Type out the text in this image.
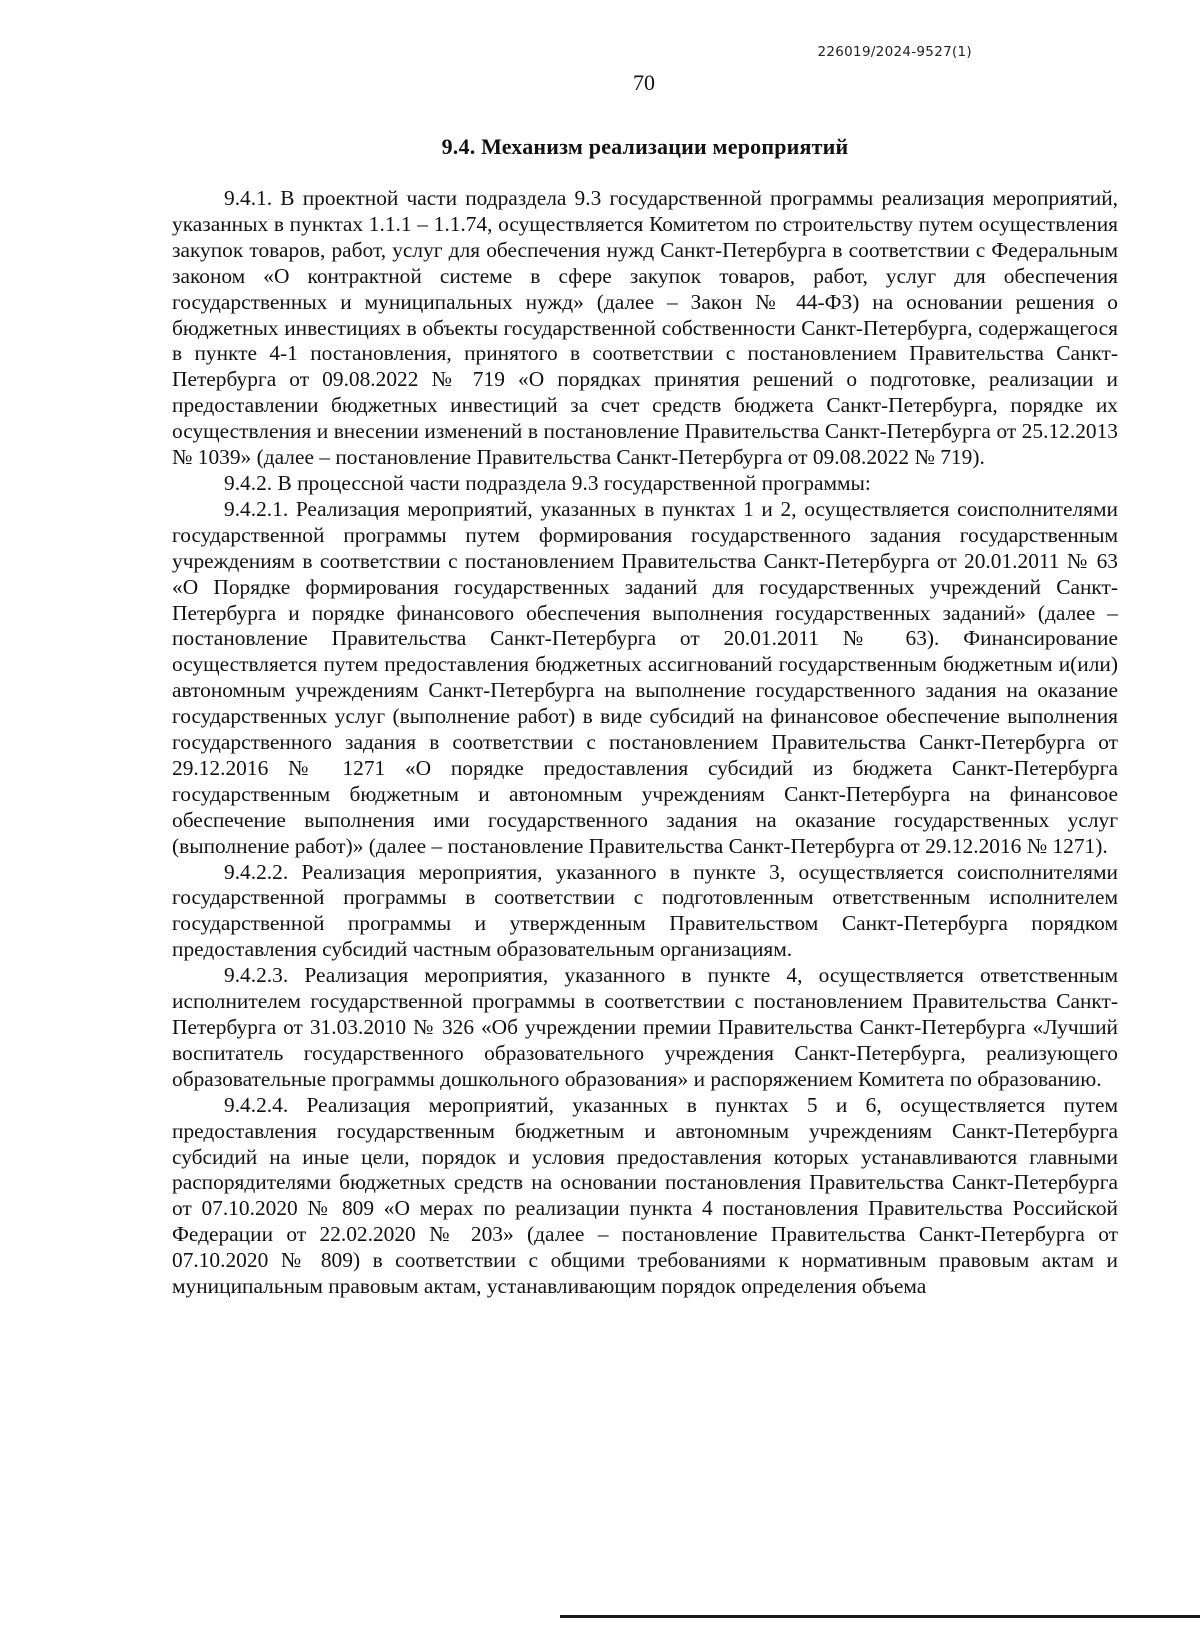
226019/2024-9527(1)
70
9.4. Механизм реализации мероприятий

9.4.1. В проектной части подраздела 9.3 государственной программы реализация мероприятий, указанных в пунктах 1.1.1 – 1.1.74, осуществляется Комитетом по строительству путем осуществления закупок товаров, работ, услуг для обеспечения нужд Санкт-Петербурга в соответствии с Федеральным законом «О контрактной системе в сфере закупок товаров, работ, услуг для обеспечения государственных и муниципальных нужд» (далее – Закон № 44-ФЗ) на основании решения о бюджетных инвестициях в объекты государственной собственности Санкт-Петербурга, содержащегося в пункте 4-1 постановления, принятого в соответствии с постановлением Правительства Санкт-Петербурга от 09.08.2022 № 719 «О порядках принятия решений о подготовке, реализации и предоставлении бюджетных инвестиций за счет средств бюджета Санкт-Петербурга, порядке их осуществления и внесении изменений в постановление Правительства Санкт-Петербурга от 25.12.2013 № 1039» (далее – постановление Правительства Санкт-Петербурга от 09.08.2022 № 719).

9.4.2. В процессной части подраздела 9.3 государственной программы:

9.4.2.1. Реализация мероприятий, указанных в пунктах 1 и 2, осуществляется соисполнителями государственной программы путем формирования государственного задания государственным учреждениям в соответствии с постановлением Правительства Санкт-Петербурга от 20.01.2011 № 63 «О Порядке формирования государственных заданий для государственных учреждений Санкт-Петербурга и порядке финансового обеспечения выполнения государственных заданий» (далее – постановление Правительства Санкт-Петербурга от 20.01.2011 № 63). Финансирование осуществляется путем предоставления бюджетных ассигнований государственным бюджетным и(или) автономным учреждениям Санкт-Петербурга на выполнение государственного задания на оказание государственных услуг (выполнение работ) в виде субсидий на финансовое обеспечение выполнения государственного задания в соответствии с постановлением Правительства Санкт-Петербурга от 29.12.2016 № 1271 «О порядке предоставления субсидий из бюджета Санкт-Петербурга государственным бюджетным и автономным учреждениям Санкт-Петербурга на финансовое обеспечение выполнения ими государственного задания на оказание государственных услуг (выполнение работ)» (далее – постановление Правительства Санкт-Петербурга от 29.12.2016 № 1271).

9.4.2.2. Реализация мероприятия, указанного в пункте 3, осуществляется соисполнителями государственной программы в соответствии с подготовленным ответственным исполнителем государственной программы и утвержденным Правительством Санкт-Петербурга порядком предоставления субсидий частным образовательным организациям.

9.4.2.3. Реализация мероприятия, указанного в пункте 4, осуществляется ответственным исполнителем государственной программы в соответствии с постановлением Правительства Санкт-Петербурга от 31.03.2010 № 326 «Об учреждении премии Правительства Санкт-Петербурга «Лучший воспитатель государственного образовательного учреждения Санкт-Петербурга, реализующего образовательные программы дошкольного образования» и распоряжением Комитета по образованию.

9.4.2.4. Реализация мероприятий, указанных в пунктах 5 и 6, осуществляется путем предоставления государственным бюджетным и автономным учреждениям Санкт-Петербурга субсидий на иные цели, порядок и условия предоставления которых устанавливаются главными распорядителями бюджетных средств на основании постановления Правительства Санкт-Петербурга от 07.10.2020 № 809 «О мерах по реализации пункта 4 постановления Правительства Российской Федерации от 22.02.2020 № 203» (далее – постановление Правительства Санкт-Петербурга от 07.10.2020 № 809) в соответствии с общими требованиями к нормативным правовым актам и муниципальным правовым актам, устанавливающим порядок определения объема
